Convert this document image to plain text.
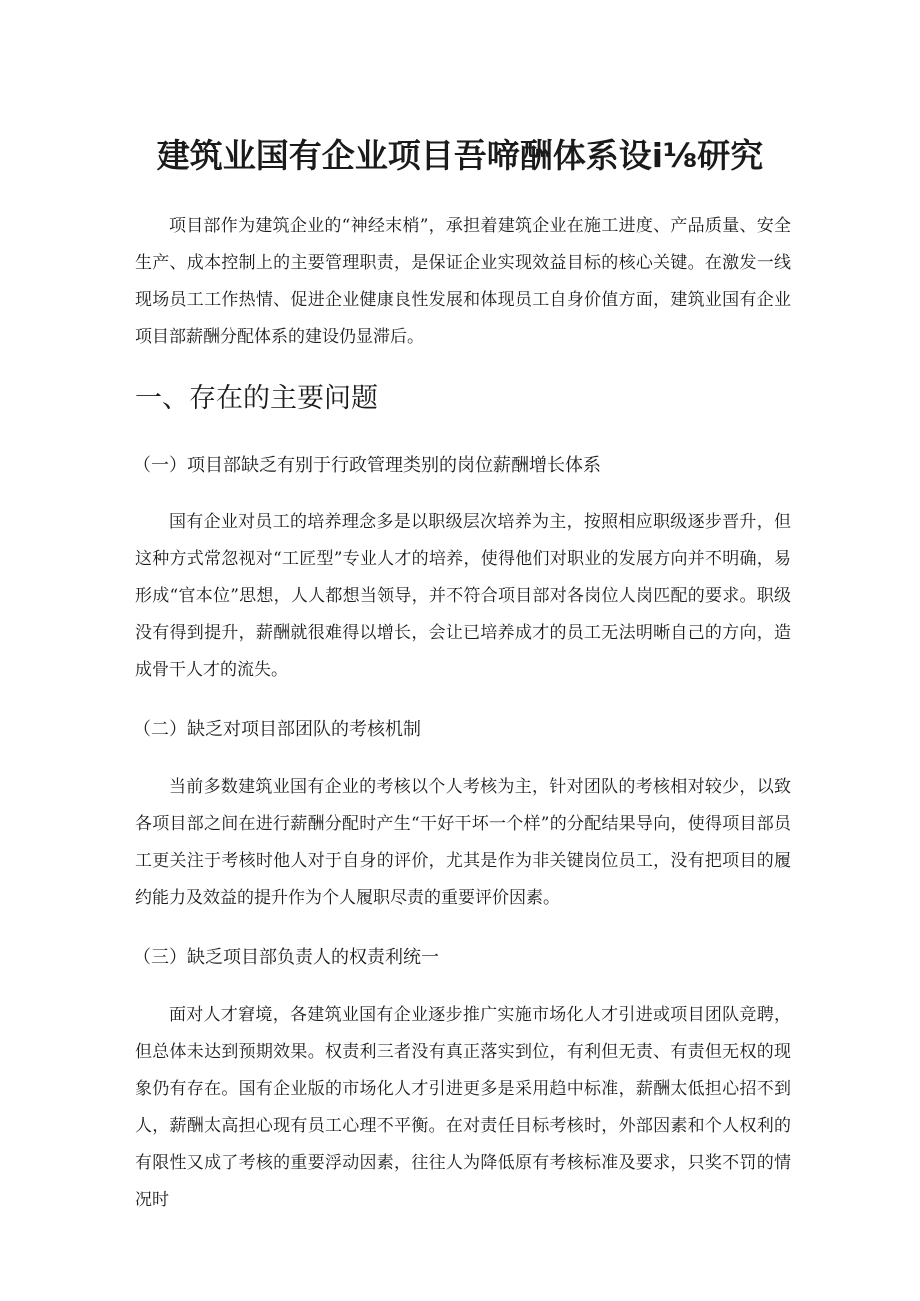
建筑业国有企业项目吾啼酬体系设i⅛研究

项目部作为建筑企业的“神经末梢”，承担着建筑企业在施工进度、产品质量、安全生产、成本控制上的主要管理职责，是保证企业实现效益目标的核心关键。在激发一线现场员工工作热情、促进企业健康良性发展和体现员工自身价值方面，建筑业国有企业项目部薪酬分配体系的建设仍显滞后。

一、存在的主要问题
（一）项目部缺乏有别于行政管理类别的岗位薪酬增长体系

国有企业对员工的培养理念多是以职级层次培养为主，按照相应职级逐步晋升，但这种方式常忽视对“工匠型”专业人才的培养，使得他们对职业的发展方向并不明确，易形成“官本位”思想，人人都想当领导，并不符合项目部对各岗位人岗匹配的要求。职级没有得到提升，薪酬就很难得以增长，会让已培养成才的员工无法明晰自己的方向，造成骨干人才的流失。

（二）缺乏对项目部团队的考核机制

当前多数建筑业国有企业的考核以个人考核为主，针对团队的考核相对较少，以致各项目部之间在进行薪酬分配时产生“干好干坏一个样”的分配结果导向，使得项目部员工更关注于考核时他人对于自身的评价，尤其是作为非关键岗位员工，没有把项目的履约能力及效益的提升作为个人履职尽责的重要评价因素。

（三）缺乏项目部负责人的权责利统一

面对人才窘境，各建筑业国有企业逐步推广实施市场化人才引进或项目团队竞聘，但总体未达到预期效果。权责利三者没有真正落实到位，有利但无责、有责但无权的现象仍有存在。国有企业版的市场化人才引进更多是采用趋中标准，薪酬太低担心招不到人，薪酬太高担心现有员工心理不平衡。在对责任目标考核时，外部因素和个人权利的有限性又成了考核的重要浮动因素，往往人为降低原有考核标准及要求，只奖不罚的情况时
